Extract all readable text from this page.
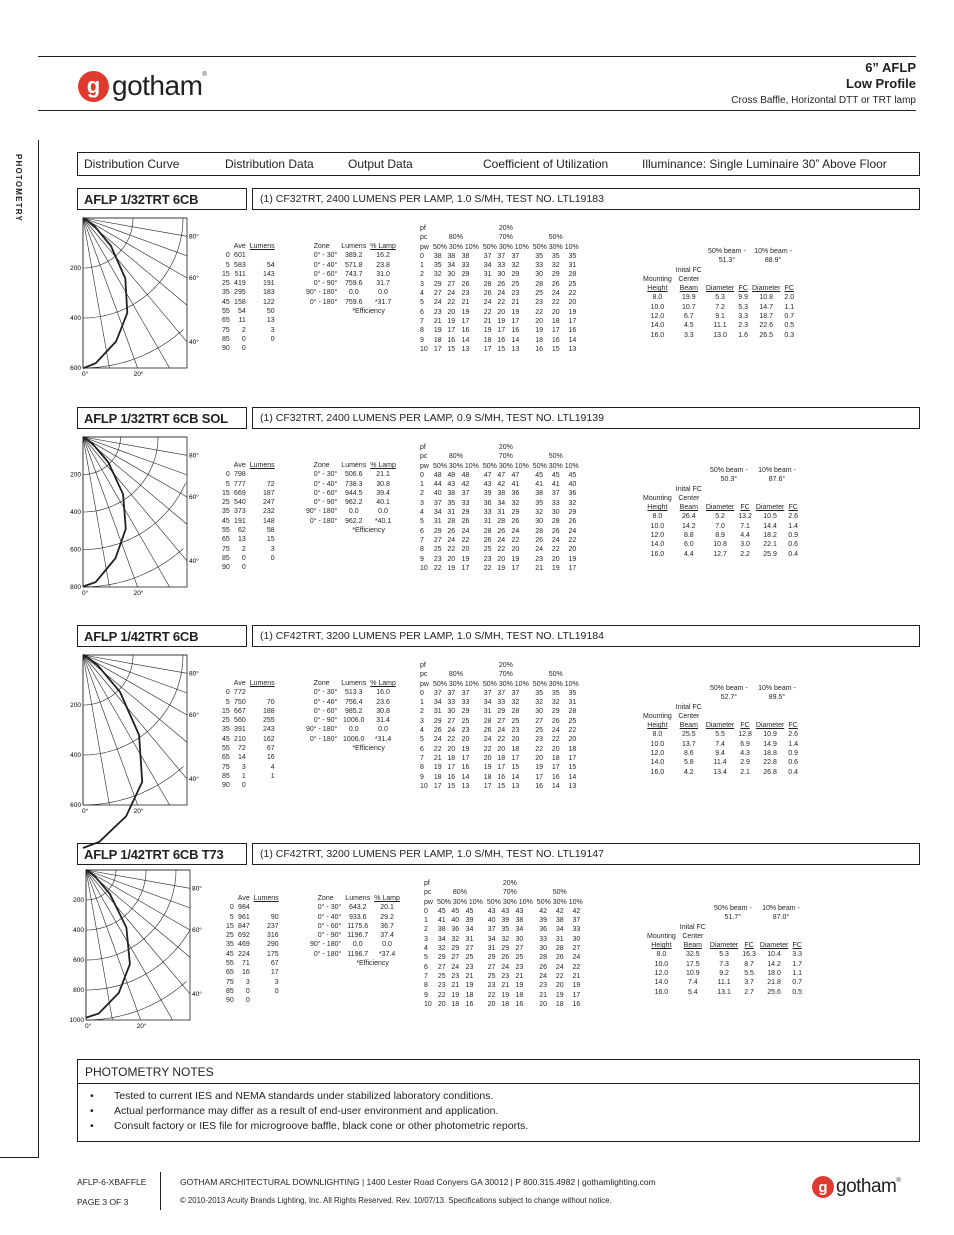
g gotham®	6” AFLP
Low Profile
Cross Baffle, Horizontal DTT or TRT lamp
PHOTOMETRY	Distribution Curve	Distribution Data	Output Data	Coefficient of Utilization	Illuminance: Single Luminaire 30” Above Floor
AFLP 1/32TRT 6CB	(1) CF32TRT, 2400 LUMENS PER LAMP, 1.0 S/MH, TEST NO. LTL19183
200
400
600
80°
60°
40°
0°	20°
	Ave	Lumens
0	601	
5	583	54
15	511	143
25	419	191
35	295	183
45	158	122
55	54	50
65	11	13
75	2	3
85	0	0
90	0	
Zone	Lumens	% Lamp
0° - 30°	389.2	16.2
0° - 40°	571.8	23.8
0° - 60°	743.7	31.0
0° - 90°	759.6	31.7
90° - 180°	0.0	0.0
0° - 180°	759.6	*31.7
	*Efficiency	
pf				20%					
pc	80%			70%			50%		
pw	50% 30% 10%			50% 30% 10%			50% 30% 10%		
0	38	38	38	37	37	37	35	35	35
1	35	34	33	34	33	32	33	32	31
2	32	30	29	31	30	29	30	29	28
3	29	27	26	28	26	25	28	26	25
4	27	24	23	26	24	23	25	24	22
5	24	22	21	24	22	21	23	22	20
6	23	20	19	22	20	19	22	20	19
7	21	19	17	21	19	17	20	18	17
8	19	17	16	19	17	16	19	17	16
9	18	16	14	18	16	14	18	16	14
10	17	15	13	17	15	13	16	15	13
		50% beam -		10% beam -	
		51.3°		88.9°	
	Inital FC				
Mounting	Center				
Height	Beam	Diameter	FC	Diameter	FC
8.0	19.9	5.3	9.9	10.8	2.0
10.0	10.7	7.2	5.3	14.7	1.1
12.0	6.7	9.1	3.3	18.7	0.7
14.0	4.5	11.1	2.3	22.6	0.5
16.0	3.3	13.0	1.6	26.5	0.3
AFLP 1/32TRT 6CB SOL	(1) CF32TRT, 2400 LUMENS PER LAMP, 0.9 S/MH, TEST NO. LTL19139
200
400
600
800
80°
60°
40°
0°	20°
	Ave	Lumens
0	798	
5	777	72
15	669	187
25	540	247
35	373	232
45	191	148
55	62	58
65	13	15
75	2	3
85	0	0
90	0	
Zone	Lumens	% Lamp
0° - 30°	506.6	21.1
0° - 40°	738.3	30.8
0° - 60°	944.5	39.4
0° - 90°	962.2	40.1
90° - 180°	0.0	0.0
0° - 180°	962.2	*40.1
	*Efficiency	
pf				20%					
pc	80%			70%			50%		
pw	50% 30% 10%			50% 30% 10%			50% 30% 10%		
0	48	48	48	47	47	47	45	45	45
1	44	43	42	43	42	41	41	41	40
2	40	38	37	39	38	36	38	37	36
3	37	35	33	36	34	32	35	33	32
4	34	31	29	33	31	29	32	30	29
5	31	28	26	31	28	26	30	28	26
6	29	26	24	28	26	24	28	26	24
7	27	24	22	26	24	22	26	24	22
8	25	22	20	25	22	20	24	22	20
9	23	20	19	23	20	19	23	20	19
10	22	19	17	22	19	17	21	19	17
		50% beam -		10% beam -	
		50.3°		87.6°	
	Inital FC				
Mounting	Center				
Height	Beam	Diameter	FC	Diameter	FC
8.0	26.4	5.2	13.2	10.5	2.6
10.0	14.2	7.0	7.1	14.4	1.4
12.0	8.8	8.9	4.4	18.2	0.9
14.0	6.0	10.8	3.0	22.1	0.6
16.0	4.4	12.7	2.2	25.9	0.4
AFLP 1/42TRT 6CB	(1) CF42TRT, 3200 LUMENS PER LAMP, 1.0 S/MH, TEST NO. LTL19184
200
400
600
80°
60°
40°
0°	20°
	Ave	Lumens
0	772	
5	750	70
15	667	188
25	560	255
35	391	243
45	210	162
55	72	67
65	14	16
75	3	4
85	1	1
90	0	
Zone	Lumens	% Lamp
0° - 30°	513.3	16.0
0° - 40°	756.4	23.6
0° - 60°	985.2	30.8
0° - 90°	1006.0	31.4
90° - 180°	0.0	0.0
0° - 180°	1006.0	*31.4
	*Efficiency	
pf				20%					
pc	80%			70%			50%		
pw	50% 30% 10%			50% 30% 10%			50% 30% 10%		
0	37	37	37	37	37	37	35	35	35
1	34	33	33	34	33	32	32	32	31
2	31	30	29	31	29	28	30	29	28
3	29	27	25	28	27	25	27	26	25
4	26	24	23	26	24	23	25	24	22
5	24	22	20	24	22	20	23	22	20
6	22	20	19	22	20	18	22	20	18
7	21	18	17	20	18	17	20	18	17
8	19	17	16	19	17	15	19	17	15
9	18	16	14	18	16	14	17	16	14
10	17	15	13	17	15	13	16	14	13
		50% beam -		10% beam -	
		52.7°		89.5°	
	Inital FC				
Mounting	Center				
Height	Beam	Diameter	FC	Diameter	FC
8.0	25.5	5.5	12.8	10.9	2.6
10.0	13.7	7.4	6.9	14.9	1.4
12.0	8.6	9.4	4.3	18.8	0.9
14.0	5.8	11.4	2.9	22.8	0.6
16.0	4.2	13.4	2.1	26.8	0.4
AFLP 1/42TRT 6CB T73	(1) CF42TRT, 3200 LUMENS PER LAMP, 1.0 S/MH, TEST NO. LTL19147
200
400
600
800
1000
80°
60°
40°
0°	20°
	Ave	Lumens
0	984	
5	961	90
15	847	237
25	692	316
35	469	290
45	224	175
55	71	67
65	16	17
75	3	3
85	0	0
90	0	
Zone	Lumens	% Lamp
0° - 30°	643.2	20.1
0° - 40°	933.6	29.2
0° - 60°	1175.6	36.7
0° - 90°	1196.7	37.4
90° - 180°	0.0	0.0
0° - 180°	1196.7	*37.4
	*Efficiency	
pf				20%					
pc	80%			70%			50%		
pw	50% 30% 10%			50% 30% 10%			50% 30% 10%		
0	45	45	45	43	43	43	42	42	42
1	41	40	39	40	39	38	39	38	37
2	38	36	34	37	35	34	36	34	33
3	34	32	31	34	32	30	33	31	30
4	32	29	27	31	29	27	30	28	27
5	29	27	25	29	26	25	28	26	24
6	27	24	23	27	24	23	26	24	22
7	25	23	21	25	23	21	24	22	21
8	23	21	19	23	21	19	23	20	19
9	22	19	18	22	19	18	21	19	17
10	20	18	16	20	18	16	20	18	16
		50% beam -		10% beam -	
		51.7°		87.0°	
	Inital FC				
Mounting	Center				
Height	Beam	Diameter	FC	Diameter	FC
8.0	32.5	5.3	16.3	10.4	3.3
10.0	17.5	7.3	8.7	14.2	1.7
12.0	10.9	9.2	5.5	18.0	1.1
14.0	7.4	11.1	3.7	21.8	0.7
16.0	5.4	13.1	2.7	25.6	0.5
PHOTOMETRY NOTES
• Tested to current IES and NEMA standards under stabilized laboratory conditions.
• Actual performance may differ as a result of end-user environment and application.
• Consult factory or IES file for microgroove baffle, black cone or other photometric reports.
AFLP-6-XBAFFLE
PAGE 3 OF 3
GOTHAM ARCHITECTURAL DOWNLIGHTING | 1400 Lester Road Conyers GA 30012 | P 800.315.4982 | gothamlighting.com
© 2010-2013 Acuity Brands Lighting, Inc. All Rights Reserved. Rev. 10/07/13. Specifications subject to change without notice.
g gotham®
